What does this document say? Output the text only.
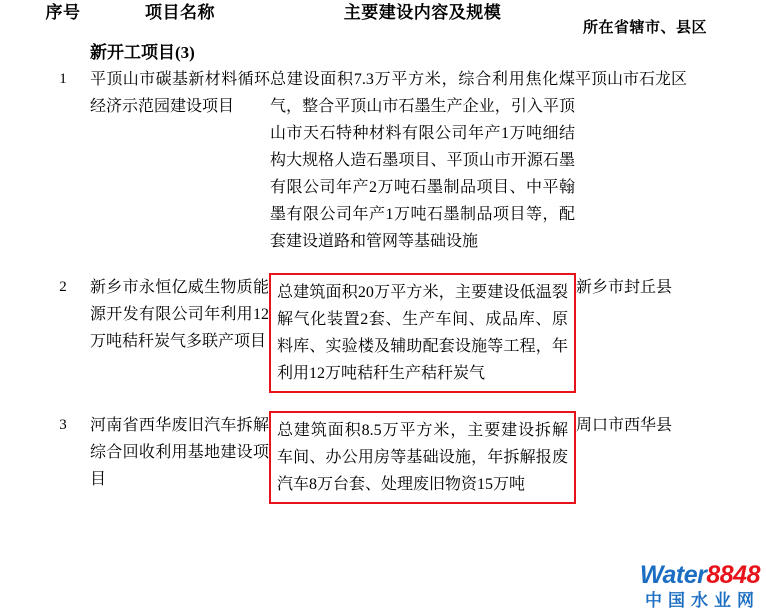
序号	项目名称	主要建设内容及规模	所在省辖市、县区
	新开工项目(3)		
1	平顶山市碳基新材料循环经济示范园建设项目	总建设面积7.3万平方米，综合利用焦化煤气，整合平顶山市石墨生产企业，引入平顶山市天石特种材料有限公司年产1万吨细结构大规格人造石墨项目、平顶山市开源石墨有限公司年产2万吨石墨制品项目、中平翰墨有限公司年产1万吨石墨制品项目等，配套建设道路和管网等基础设施	平顶山市石龙区

2	新乡市永恒亿威生物质能源开发有限公司年利用12万吨秸秆炭气多联产项目	总建筑面积20万平方米，主要建设低温裂解气化装置2套、生产车间、成品库、原料库、实验楼及辅助配套设施等工程，年利用12万吨秸秆生产秸秆炭气	新乡市封丘县

3	河南省西华废旧汽车拆解综合回收利用基地建设项目	总建筑面积8.5万平方米，主要建设拆解车间、办公用房等基础设施，年拆解报废汽车8万台套、处理废旧物资15万吨	周口市西华县
Water8848
中国水业网
